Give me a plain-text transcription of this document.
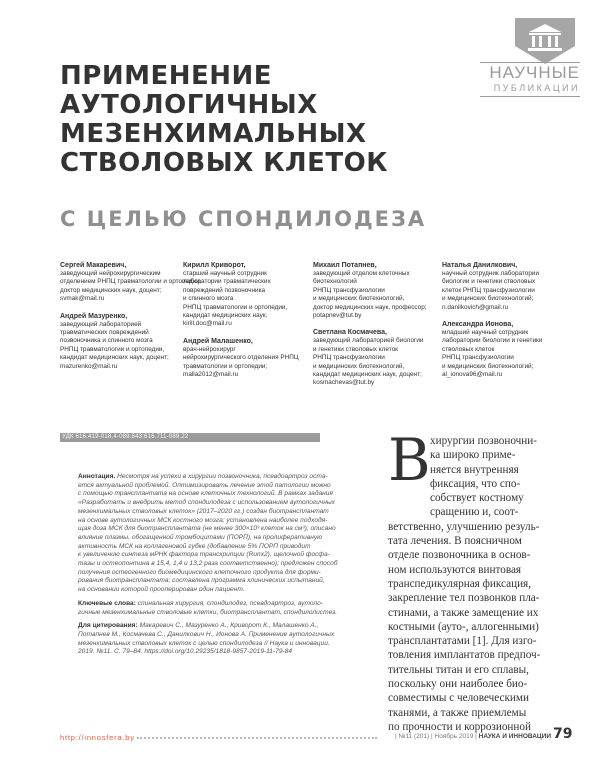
НАУЧНЫЕ
ПУБЛИКАЦИИ
ПРИМЕНЕНИЕ
АУТОЛОГИЧНЫХ
МЕЗЕНХИМАЛЬНЫХ
СТВОЛОВЫХ КЛЕТОК
С ЦЕЛЬЮ СПОНДИЛОДЕЗА
Сергей Макаревич,
заведующий нейрохирургическим
отделением РНПЦ травматологии и ортопедии,
доктор медицинских наук, доцент;
svmak@mail.ru
Андрей Мазуренко,
заведующий лабораторией
травматических повреждений
позвоночника и спинного мозга
РНПЦ травматологии и ортопедии,
кандидат медицинских наук, доцент;
mazurenko@mail.ru
Кирилл Криворот,
старший научный сотрудник
лаборатории травматических
повреждений позвоночника
и спинного мозга
РНПЦ травматологии и ортопедии,
кандидат медицинских наук;
kirill.doc@mail.ru
Андрей Малашенко,
врач-нейрохирург
нейрохирургического отделения РНПЦ
травматологии и ортопедии;
malla2012@mail.ru
Михаил Потапнев,
заведующий отделом клеточных
биотехнологий
РНПЦ трансфузиологии
и медицинских биотехнологий,
доктор медицинских наук, профессор;
potapnev@tut.by
Светлана Космачева,
заведующий лабораторией биологии
и генетики стволовых клеток
РНПЦ трансфузиологии
и медицинских биотехнологий,
кандидат медицинских наук, доцент;
kosmachevas@tut.by
Наталья Данилкович,
научный сотрудник лаборатории
биологии и генетики стволовых
клеток РНПЦ трансфузиологии
и медицинских биотехнологий;
n.danilkovich@gmail.ru
Александра Ионова,
младший научный сотрудник
лаборатории биологии и генетики
стволовых клеток
РНПЦ трансфузиологии
и медицинских биотехнологий;
al_ionova96@mail.ru
УДК 616.419-018.4-089.843:616.711-089.22
Аннотация. Несмотря на успехи в хирургии позвоночника, псевдоартроз оста-
ется актуальной проблемой. Оптимизировать лечение этой патологии можно
с помощью трансплантата на основе клеточных технологий. В рамках задания
«Разработать и внедрить метод спондилодеза с использованием аутологичных
мезенхимальных стволовых клеток» (2017–2020 гг.) создан биотрансплантат
на основе аутологичных МСК костного мозга; установлена наиболее подходя-
щая доза МСК для биотрансплантата (не менее 300×10³ клеток на см³); описано
влияние плазмы, обогащенной тромбоцитами (ПОРП), на пролиферативную
активность МСК на коллагеновой губке (добавление 5% ПОРП приводит
к увеличению синтеза мРНК фактора транскрипции (Runx2), щелочной фосфа-
тазы и остеопонтина в 15,4, 1,4 и 13,2 раза соответственно); предложен способ
получения остеогенного биомедицинского клеточного продукта для форми-
рования биотрансплантата; составлена программа клинических испытаний,
на основании которой прооперирован один пациент.
Ключевые слова: спинальная хирургия, спондилодез, псевдоартроз, аутоло-
гичные мезенхимальные стволовые клетки, биотрансплантат, спондилолистез.
Для цитирования: Макаревич С., Мазуренко А., Криворот К., Малашенко А.,
Потапнев М., Космачева С., Данилкович Н., Ионова А. Применение аутологичных
мезенхимальных стволовых клеток с целью спондилодеза // Наука и инновации.
2019. №11. С. 79–84. https://doi.org/10.29235/1818-9857-2019-11-79-84
В хирургии позвоночни-
ка широко приме-
няется внутренняя
фиксация, что спо-
собствует костному
сращению и, соот-
ветственно, улучшению резуль-
тата лечения. В поясничном
отделе позвоночника в основ-
ном используются винтовая
транспедикулярная фиксация,
закрепление тел позвонков пла-
стинами, а также замещение их
костными (ауто-, аллогенными)
трансплантатами [1]. Для изго-
товления имплантатов предпоч-
тительны титан и его сплавы,
поскольку они наиболее био-
совместимы с человеческими
тканями, а также приемлемы
по прочности и коррозионной
http://innosfera.by	| №11 (201) | Ноябрь 2019 | НАУКА И ИННОВАЦИИ 79
